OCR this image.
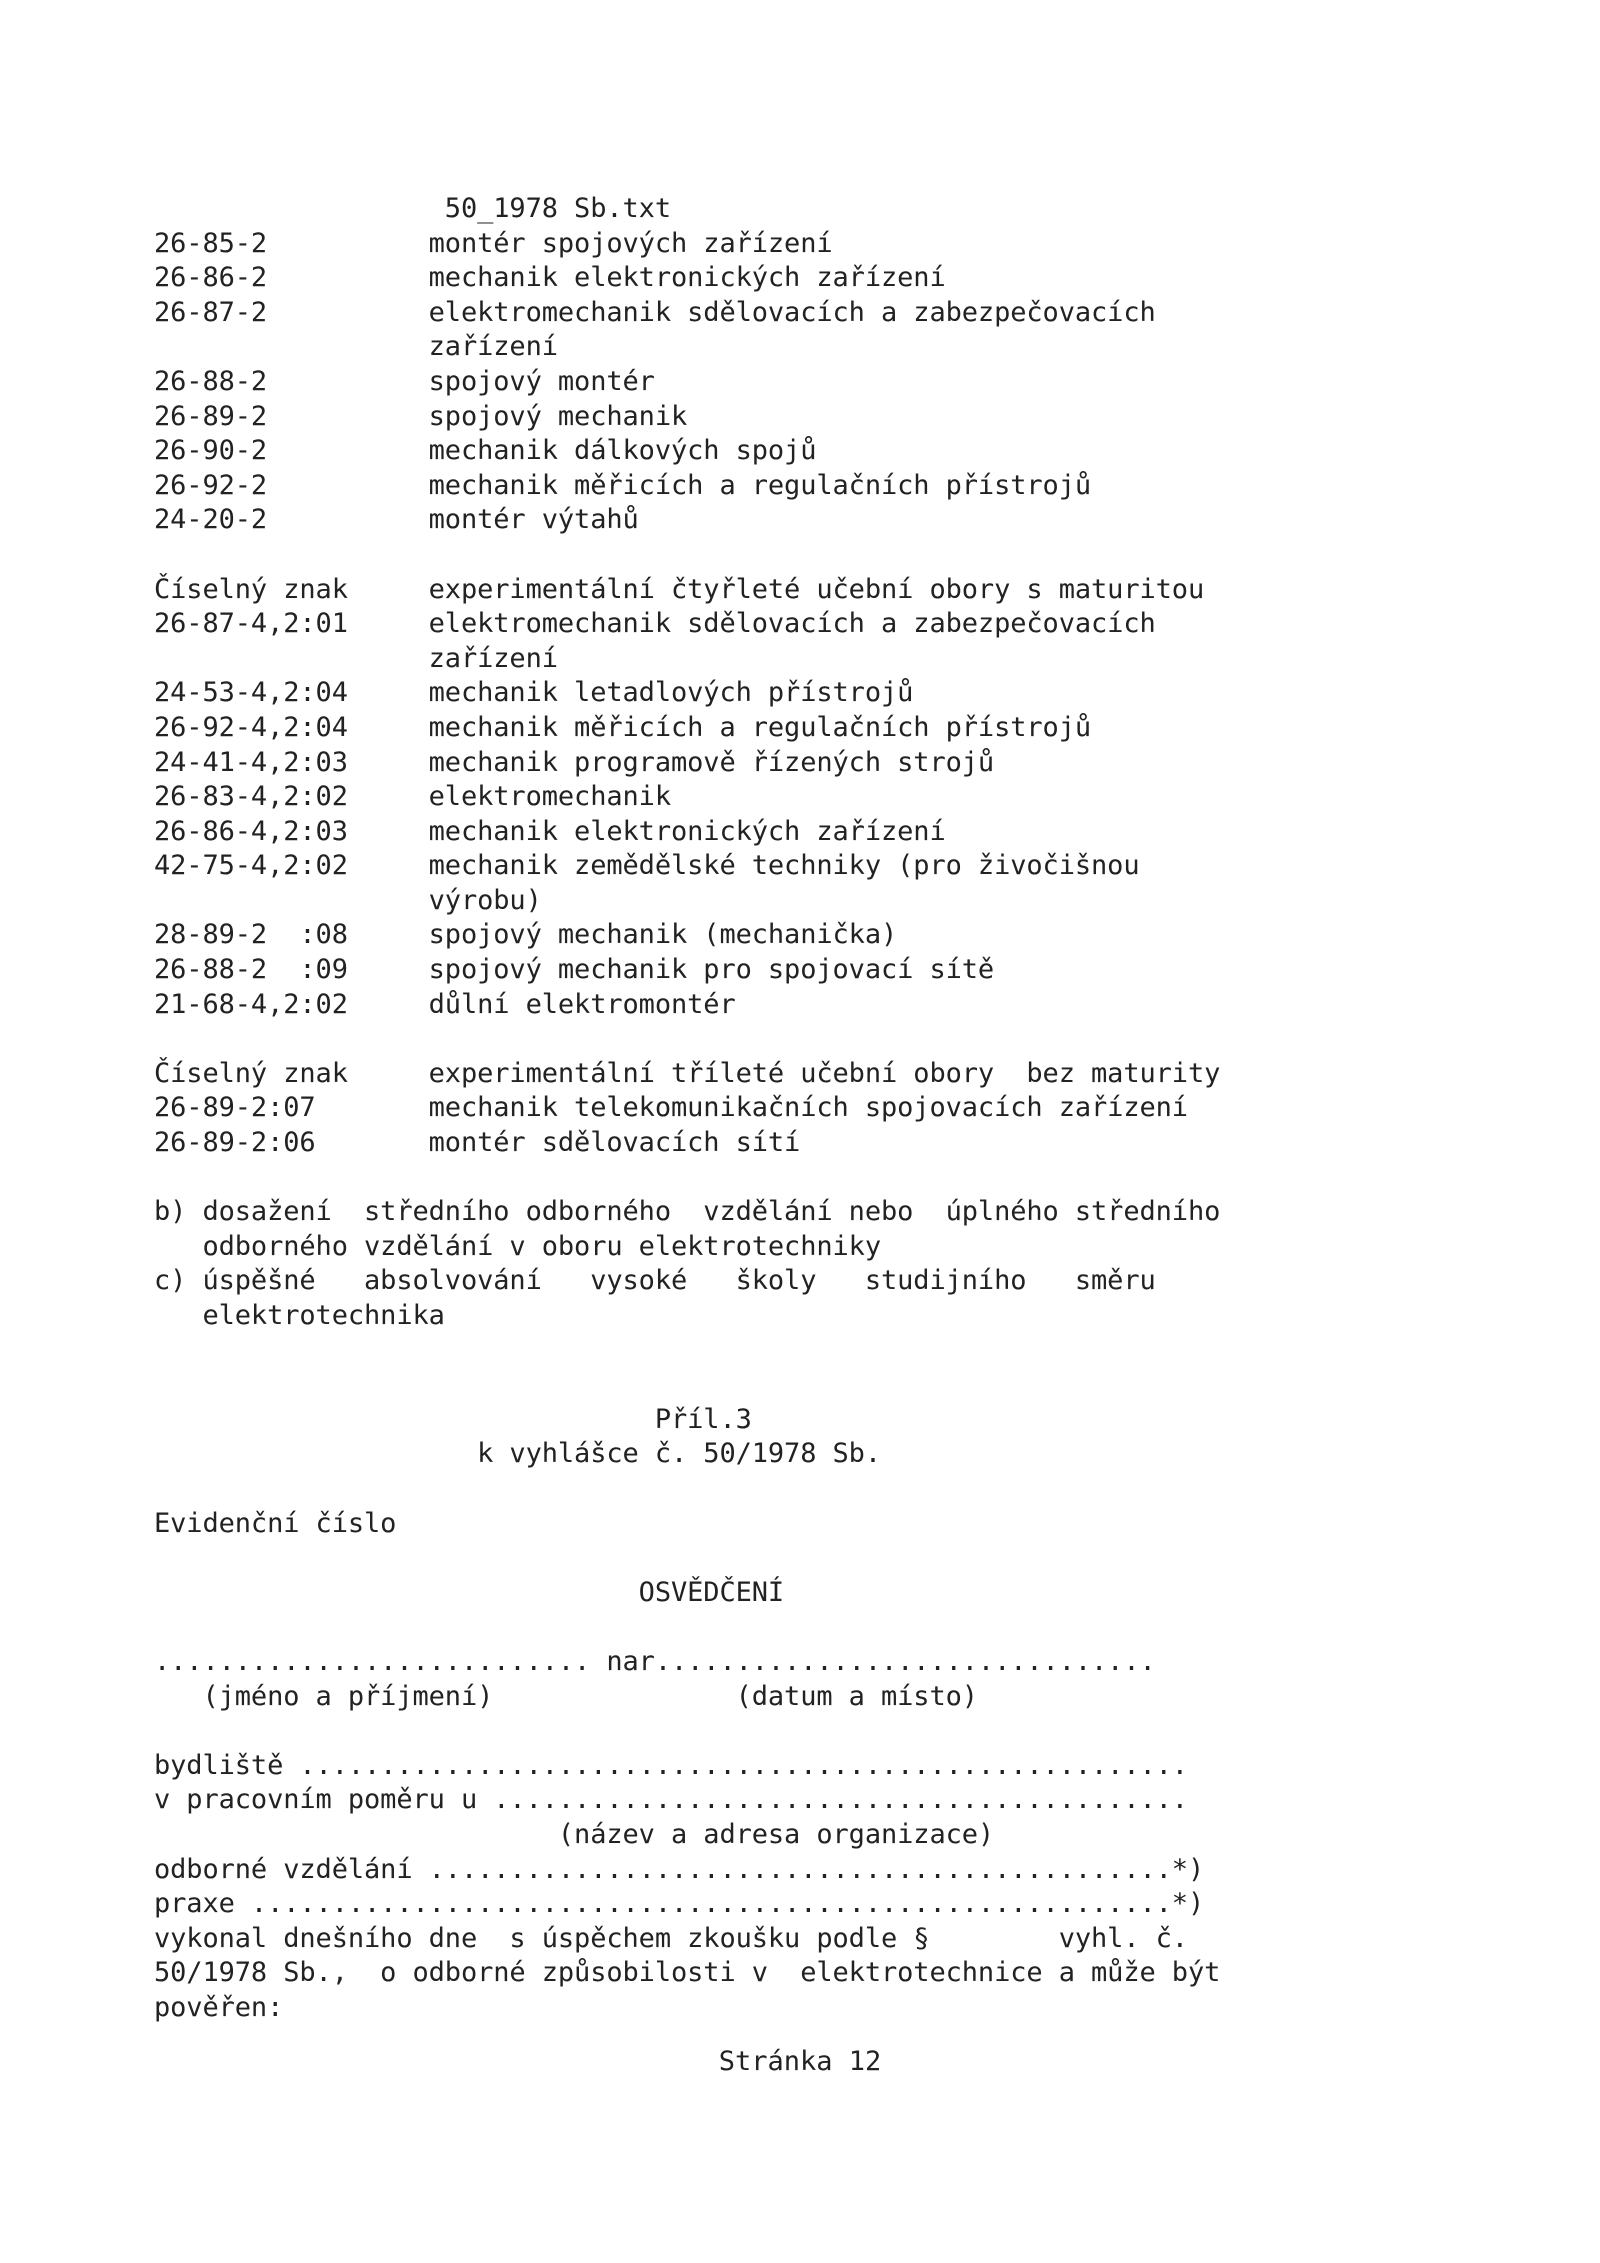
50_1978 Sb.txt
26-85-2          montér spojových zařízení
26-86-2          mechanik elektronických zařízení
26-87-2          elektromechanik sdělovacích a zabezpečovacích
zařízení
26-88-2          spojový montér
26-89-2          spojový mechanik
26-90-2          mechanik dálkových spojů
26-92-2          mechanik měřicích a regulačních přístrojů
24-20-2          montér výtahů

Číselný znak     experimentální čtyřleté učební obory s maturitou
26-87-4,2:01     elektromechanik sdělovacích a zabezpečovacích
zařízení
24-53-4,2:04     mechanik letadlových přístrojů
26-92-4,2:04     mechanik měřicích a regulačních přístrojů
24-41-4,2:03     mechanik programově řízených strojů
26-83-4,2:02     elektromechanik
26-86-4,2:03     mechanik elektronických zařízení
42-75-4,2:02     mechanik zemědělské techniky (pro živočišnou
výrobu)
28-89-2  :08     spojový mechanik (mechanička)
26-88-2  :09     spojový mechanik pro spojovací sítě
21-68-4,2:02     důlní elektromontér

Číselný znak     experimentální tříleté učební obory  bez maturity
26-89-2:07       mechanik telekomunikačních spojovacích zařízení
26-89-2:06       montér sdělovacích sítí

b) dosažení  středního odborného  vzdělání nebo  úplného středního
odborného vzdělání v oboru elektrotechniky
c) úspěšné   absolvování   vysoké   školy   studijního   směru
elektrotechnika

Příl.3
k vyhlášce č. 50/1978 Sb.

Evidenční číslo

OSVĚDČENÍ

........................... nar...............................
(jméno a příjmení)               (datum a místo)

bydliště .......................................................
v pracovním poměru u ...........................................
(název a adresa organizace)
odborné vzdělání ..............................................*)
praxe .........................................................*)
vykonal dnešního dne  s úspěchem zkoušku podle §        vyhl. č.
50/1978 Sb.,  o odborné způsobilosti v  elektrotechnice a může být
pověřen:
Stránka 12
